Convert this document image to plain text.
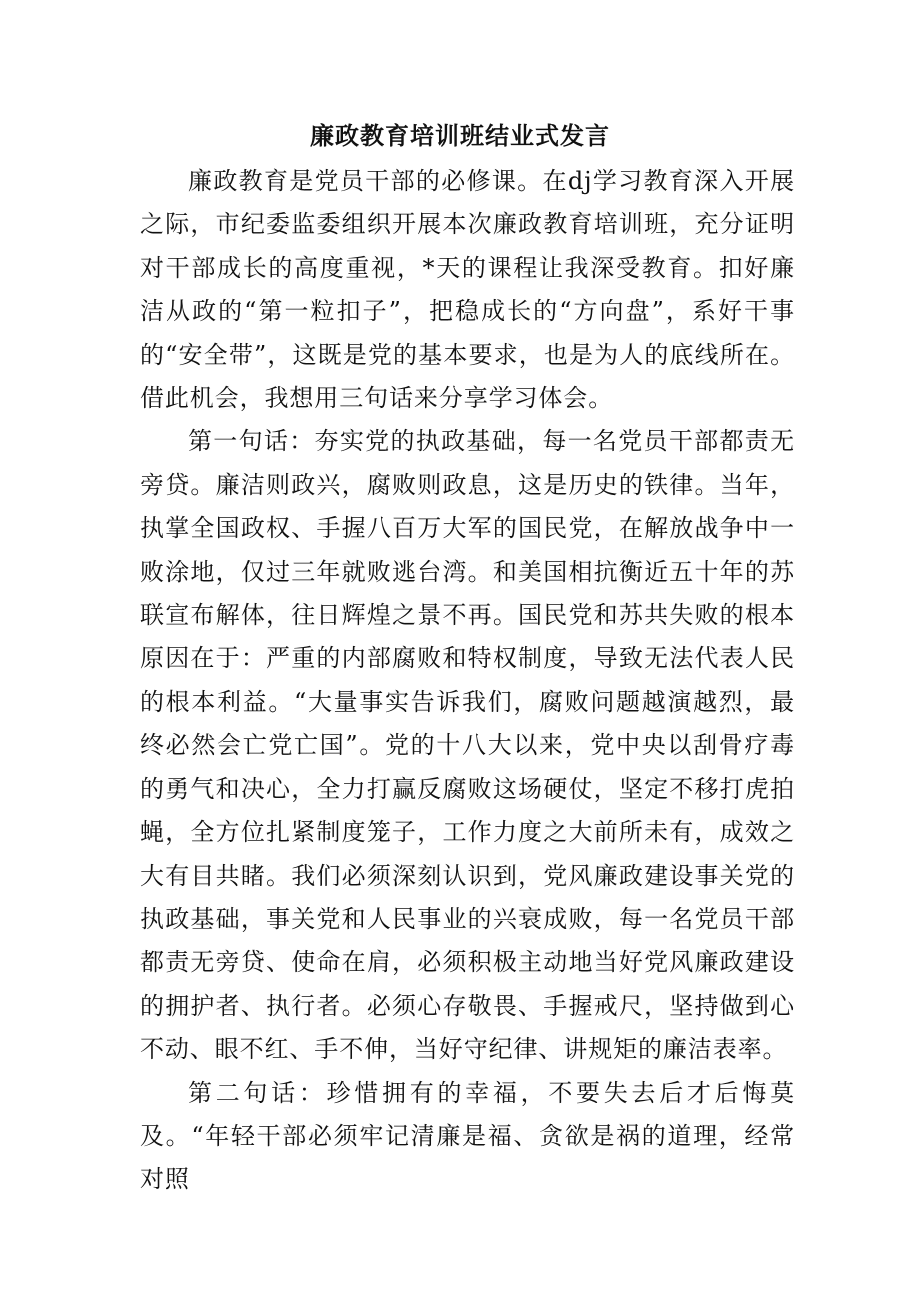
廉政教育培训班结业式发言

廉政教育是党员干部的必修课。在dj学习教育深入开展之际，市纪委监委组织开展本次廉政教育培训班，充分证明对干部成长的高度重视，*天的课程让我深受教育。扣好廉洁从政的“第一粒扣子”，把稳成长的“方向盘”，系好干事的“安全带”，这既是党的基本要求，也是为人的底线所在。借此机会，我想用三句话来分享学习体会。

第一句话：夯实党的执政基础，每一名党员干部都责无旁贷。廉洁则政兴，腐败则政息，这是历史的铁律。当年，执掌全国政权、手握八百万大军的国民党，在解放战争中一败涂地，仅过三年就败逃台湾。和美国相抗衡近五十年的苏联宣布解体，往日辉煌之景不再。国民党和苏共失败的根本原因在于：严重的内部腐败和特权制度，导致无法代表人民的根本利益。“大量事实告诉我们，腐败问题越演越烈，最终必然会亡党亡国”。党的十八大以来，党中央以刮骨疗毒的勇气和决心，全力打赢反腐败这场硬仗，坚定不移打虎拍蝇，全方位扎紧制度笼子，工作力度之大前所未有，成效之大有目共睹。我们必须深刻认识到，党风廉政建设事关党的执政基础，事关党和人民事业的兴衰成败，每一名党员干部都责无旁贷、使命在肩，必须积极主动地当好党风廉政建设的拥护者、执行者。必须心存敬畏、手握戒尺，坚持做到心不动、眼不红、手不伸，当好守纪律、讲规矩的廉洁表率。

第二句话：珍惜拥有的幸福，不要失去后才后悔莫及。“年轻干部必须牢记清廉是福、贪欲是祸的道理，经常对照
